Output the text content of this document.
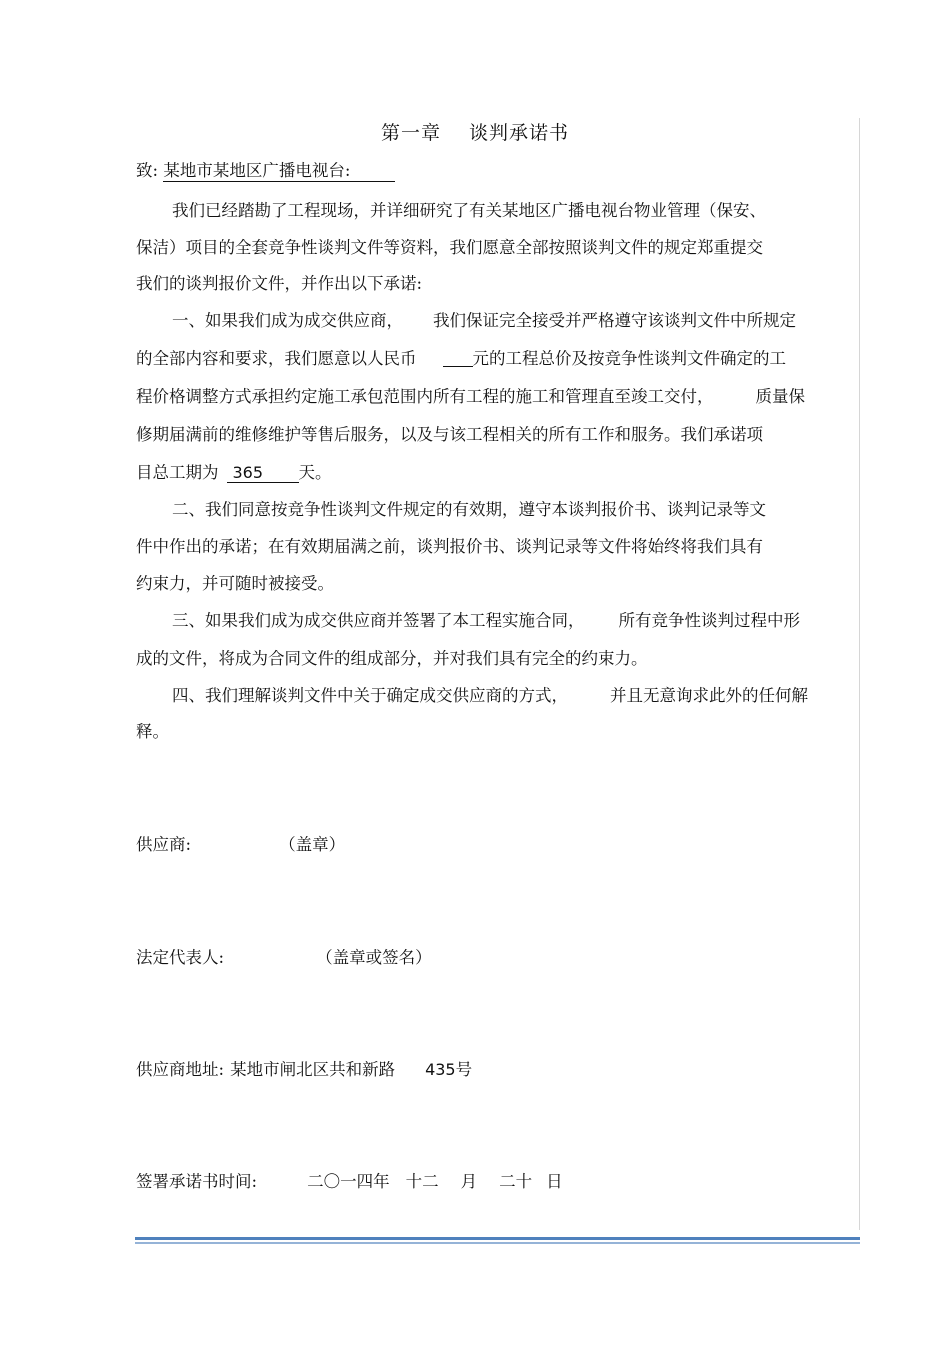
第一章 谈判承诺书
致: 某地市某地区广播电视台:
我们已经踏勘了工程现场，并详细研究了有关某地区广播电视台物业管理（保安、
保洁）项目的全套竞争性谈判文件等资料，我们愿意全部按照谈判文件的规定郑重提交
我们的谈判报价文件，并作出以下承诺:
一、如果我们成为成交供应商， 我们保证完全接受并严格遵守该谈判文件中所规定
的全部内容和要求，我们愿意以人民币	元的工程总价及按竞争性谈判文件确定的工
程价格调整方式承担约定施工承包范围内所有工程的施工和管理直至竣工交付，	质量保
修期届满前的维修维护等售后服务，以及与该工程相关的所有工作和服务。我们承诺项
目总工期为 365 天。
二、我们同意按竞争性谈判文件规定的有效期，遵守本谈判报价书、谈判记录等文
件中作出的承诺；在有效期届满之前，谈判报价书、谈判记录等文件将始终将我们具有
约束力，并可随时被接受。
三、如果我们成为成交供应商并签署了本工程实施合同， 所有竞争性谈判过程中形
成的文件，将成为合同文件的组成部分，并对我们具有完全的约束力。
四、我们理解谈判文件中关于确定成交供应商的方式，	并且无意询求此外的任何解
释。
供应商:	（盖章）
法定代表人:	（盖章或签名）
供应商地址: 某地市闸北区共和新路 435号
签署承诺书时间:	二〇一四年 十二 月 二十 日
